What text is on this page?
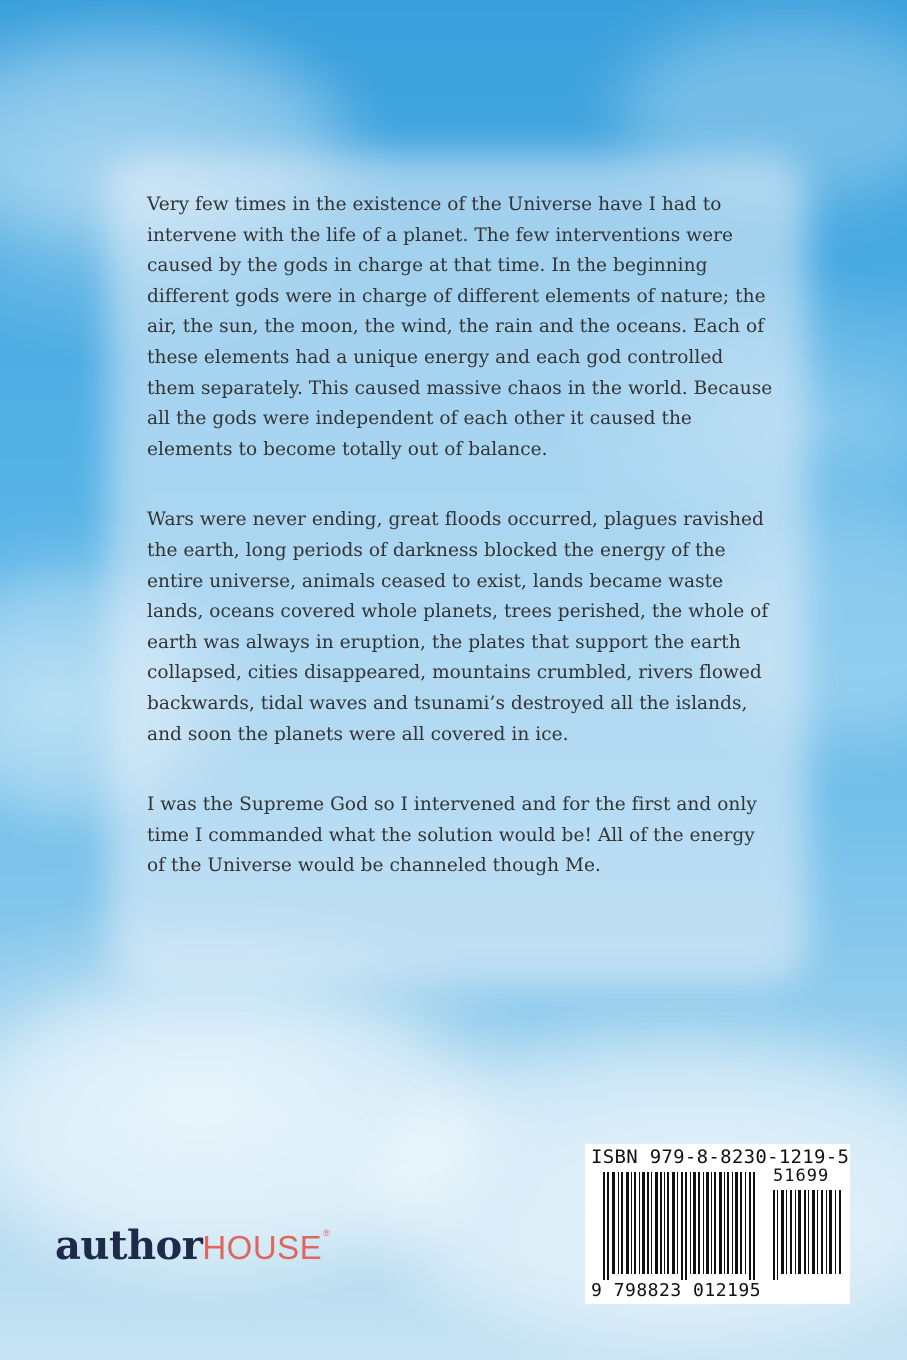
Very few times in the existence of the Universe have I had to intervene with the life of a planet. The few interventions were caused by the gods in charge at that time. In the beginning different gods were in charge of different elements of nature; the air, the sun, the moon, the wind, the rain and the oceans. Each of these elements had a unique energy and each god controlled them separately. This caused massive chaos in the world. Because all the gods were independent of each other it caused the elements to become totally out of balance.

Wars were never ending, great floods occurred, plagues ravished the earth, long periods of darkness blocked the energy of the entire universe, animals ceased to exist, lands became waste lands, oceans covered whole planets, trees perished, the whole of earth was always in eruption, the plates that support the earth collapsed, cities disappeared, mountains crumbled, rivers flowed backwards, tidal waves and tsunami’s destroyed all the islands, and soon the planets were all covered in ice.

I was the Supreme God so I intervened and for the first and only time I commanded what the solution would be! All of the energy of the Universe would be channeled though Me.

authorHOUSE®
ISBN 979-8-8230-1219-5
51699
9 798823 012195
